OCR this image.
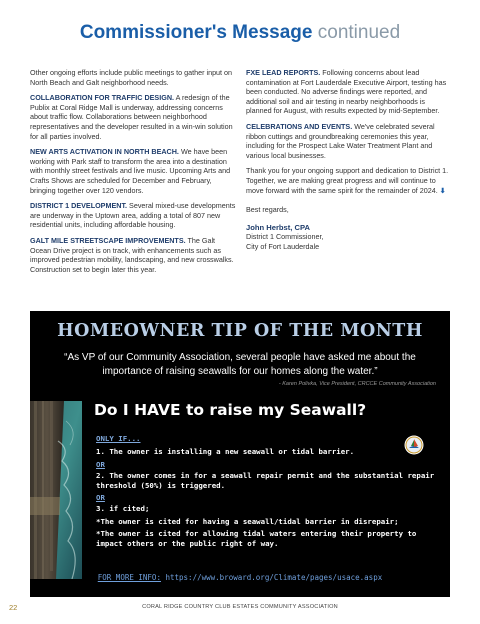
Commissioner's Message continued

Other ongoing efforts include public meetings to gather input on North Beach and Galt neighborhood needs.

COLLABORATION FOR TRAFFIC DESIGN. A redesign of the Publix at Coral Ridge Mall is underway, addressing concerns about traffic flow. Collaborations between neighborhood representatives and the developer resulted in a win-win solution for all parties involved.

NEW ARTS ACTIVATION IN NORTH BEACH. We have been working with Park staff to transform the area into a destination with monthly street festivals and live music. Upcoming Arts and Crafts Shows are scheduled for December and February, bringing together over 120 vendors.

DISTRICT 1 DEVELOPMENT. Several mixed-use developments are underway in the Uptown area, adding a total of 807 new residential units, including affordable housing.

GALT MILE STREETSCAPE IMPROVEMENTS. The Galt Ocean Drive project is on track, with enhancements such as improved pedestrian mobility, landscaping, and new crosswalks. Construction set to begin later this year.

FXE LEAD REPORTS. Following concerns about lead contamination at Fort Lauderdale Executive Airport, testing has been conducted. No adverse findings were reported, and additional soil and air testing in nearby neighborhoods is planned for August, with results expected by mid-September.

CELEBRATIONS AND EVENTS. We've celebrated several ribbon cuttings and groundbreaking ceremonies this year, including for the Prospect Lake Water Treatment Plant and various local businesses.

Thank you for your ongoing support and dedication to District 1. Together, we are making great progress and will continue to move forward with the same spirit for the remainder of 2024. ⬇

Best regards,
John Herbst, CPA
District 1 Commissioner,
City of Fort Lauderdale
HOMEOWNER TIP OF THE MONTH
“As VP of our Community Association, several people have asked me about the importance of raising seawalls for our homes along the water.”
- Karen Polivka, Vice President, CRCCE Community Association
Do I HAVE to raise my Seawall?
ONLY IF...
1. The owner is installing a new seawall or tidal barrier.
OR
2. The owner comes in for a seawall repair permit and the substantial repair threshold (50%) is triggered.
OR
3. if cited;
*The owner is cited for having a seawall/tidal barrier in disrepair;
*The owner is cited for allowing tidal waters entering their property to impact others or the public right of way.
FOR MORE INFO: https://www.broward.org/Climate/pages/usace.aspx
22	CORAL RIDGE COUNTRY CLUB ESTATES COMMUNITY ASSOCIATION
